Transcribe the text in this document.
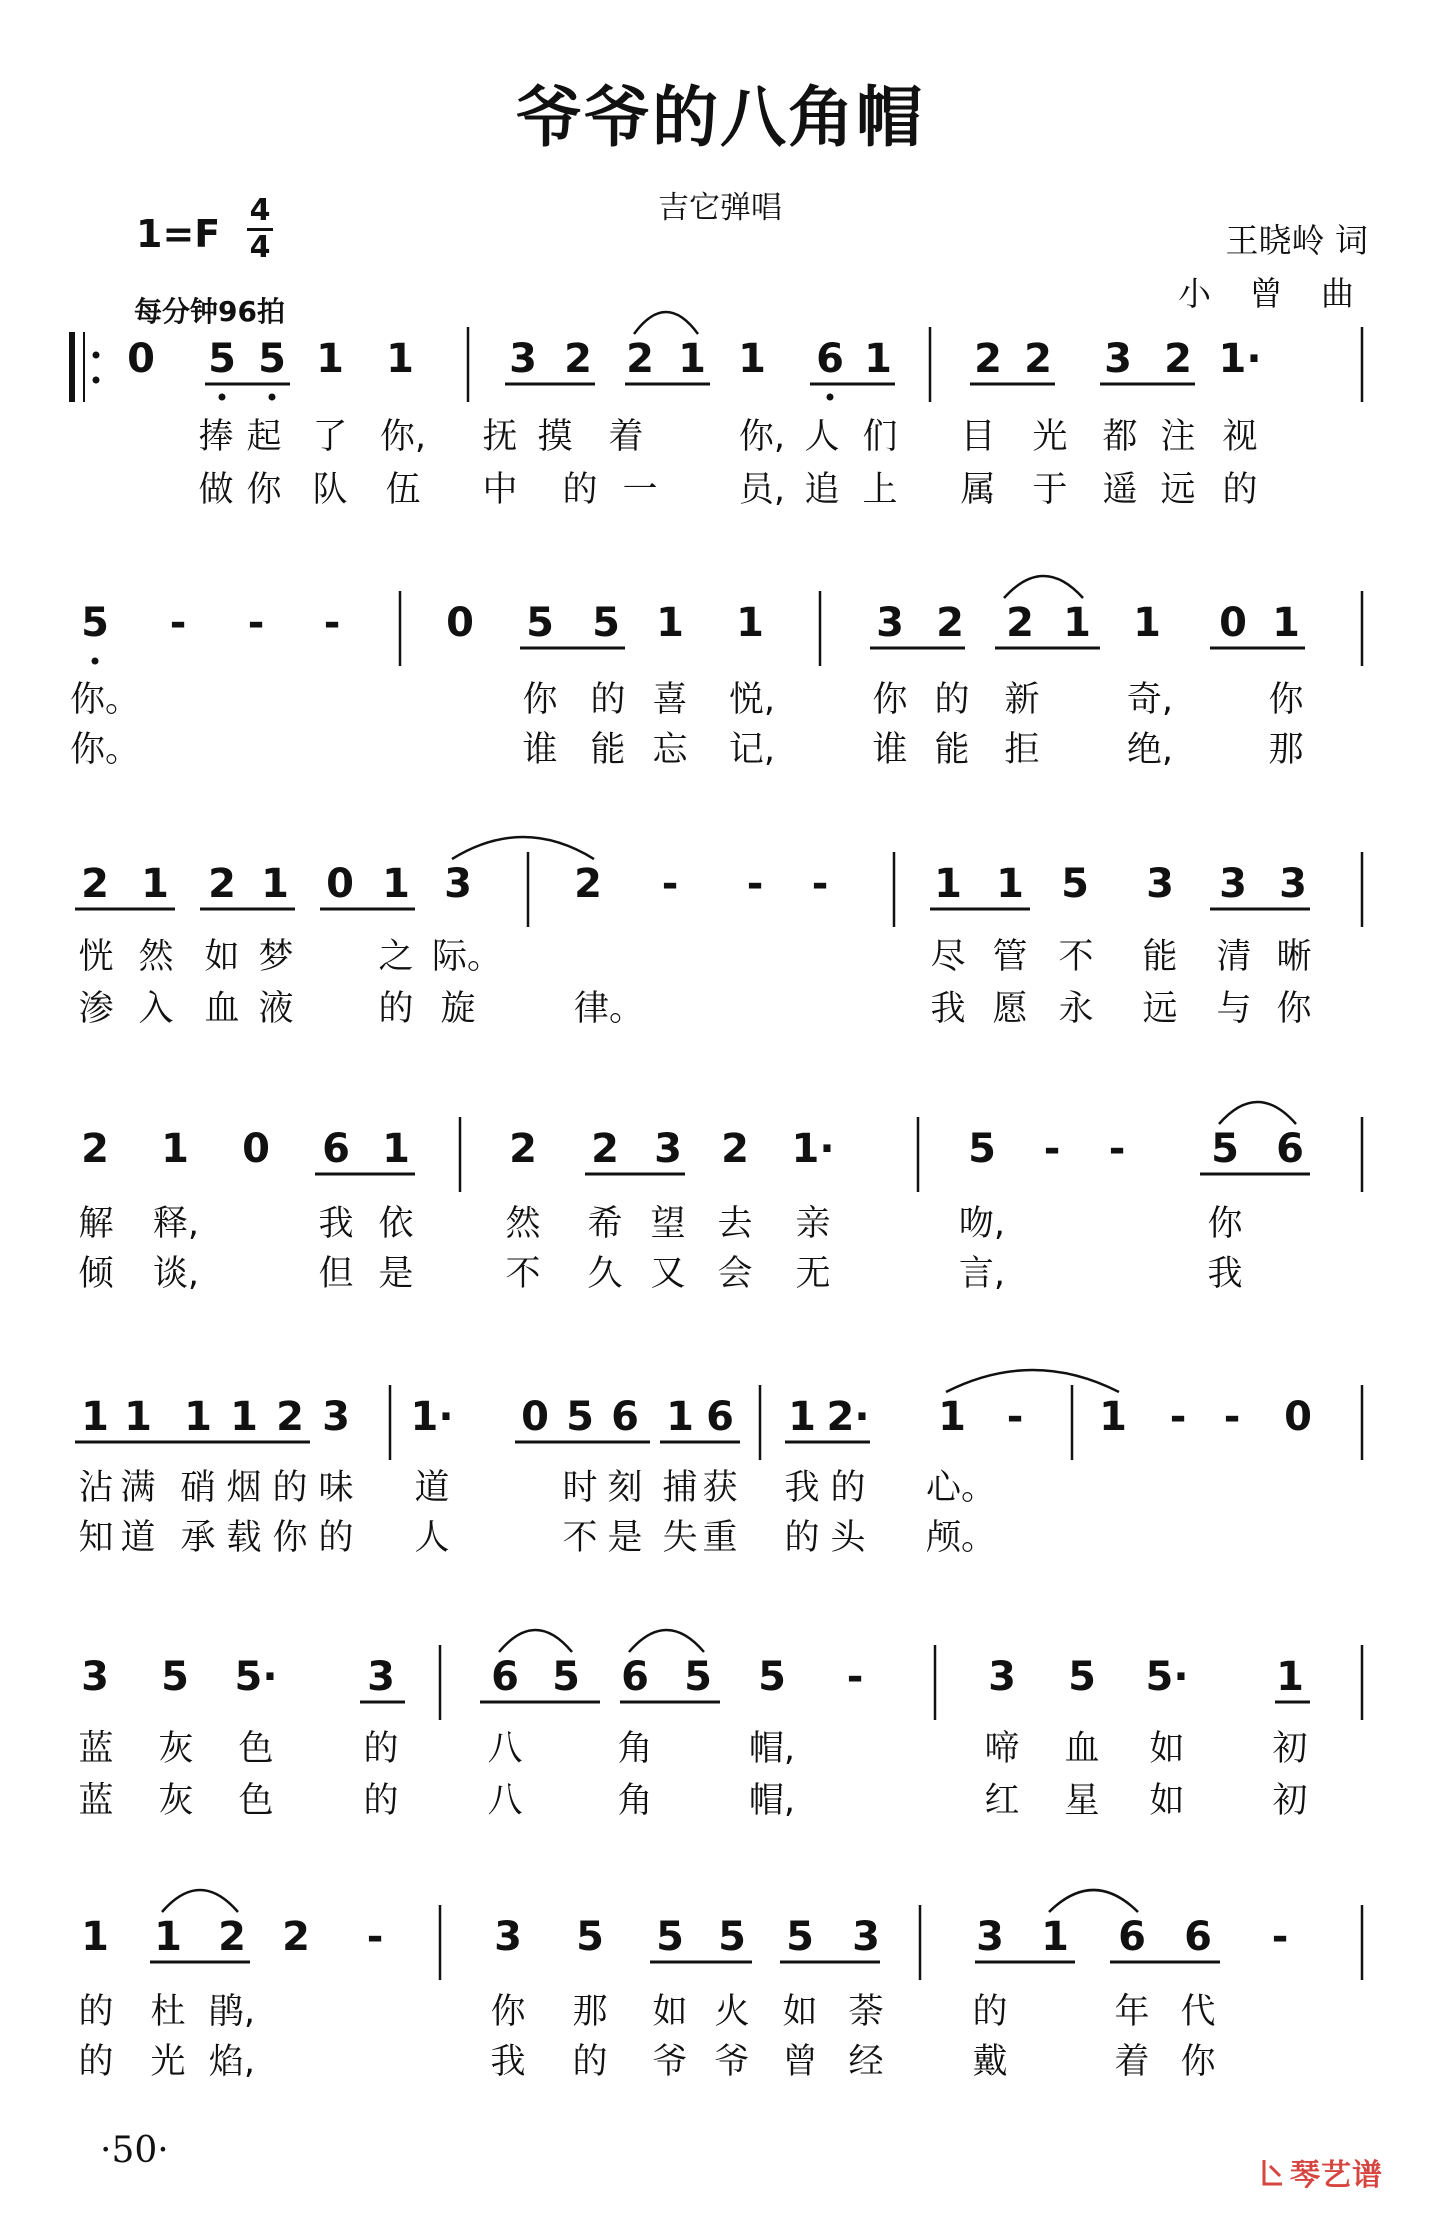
爷爷的八角帽
吉它弹唱
1=F
4
4
每分钟96拍
王晓岭 词
小 曾 曲
0 5 5 1 1 3 2 2 1 1 6 1 2 2 3 2 1·
5 - - -	0 5 5 1 1	3 2 2 1 1 0 1
2 1 2 1 0 1 3	2 - - -	1 1 5 3 3 3
2 1 0 6 1 2 2 3 2 1·	5 - - 5 6
1 1 1 1 2 3 1· 0 5 6 1 6 1 2· 1 - 1 - - 0
3 5 5· 3 6 5 6 5 5 -	3 5 5· 1
1 1 2 2 -	3 5 5 5 5 3 3 1 6 6 -
捧 起 了 你, 抚 摸 着	你, 人 们 目 光 都 注 视
做 你 队 伍 中 的 一 员, 追 上 属 于 遥 远 的
你。	你 的 喜 悦,	你 的 新 奇,	你
你。	谁 能 忘 记,	谁 能 拒 绝,	那
恍 然 如 梦 之 际。	尽 管 不 能 清 晰
渗 入 血 液 的 旋	律。	我 愿 永 远 与 你
解 释,	我 依	然 希 望 去 亲	吻,	你
倾 谈,	但 是	不 久 又 会 无	言,	我
沾 满 硝 烟 的 味 道	时 刻 捕 获 我 的 心。
知 道 承 载 你 的 人	不 是 失 重 的 头 颅。
蓝 灰 色	的	八	角	帽,	啼 血 如	初
蓝 灰 色	的	八	角	帽,	红 星 如	初
的 杜 鹃,	你 那 如 火 如 荼	的	年 代
的 光 焰,	我 的 爷 爷 曾 经	戴	着 你
·50·
琴艺谱
